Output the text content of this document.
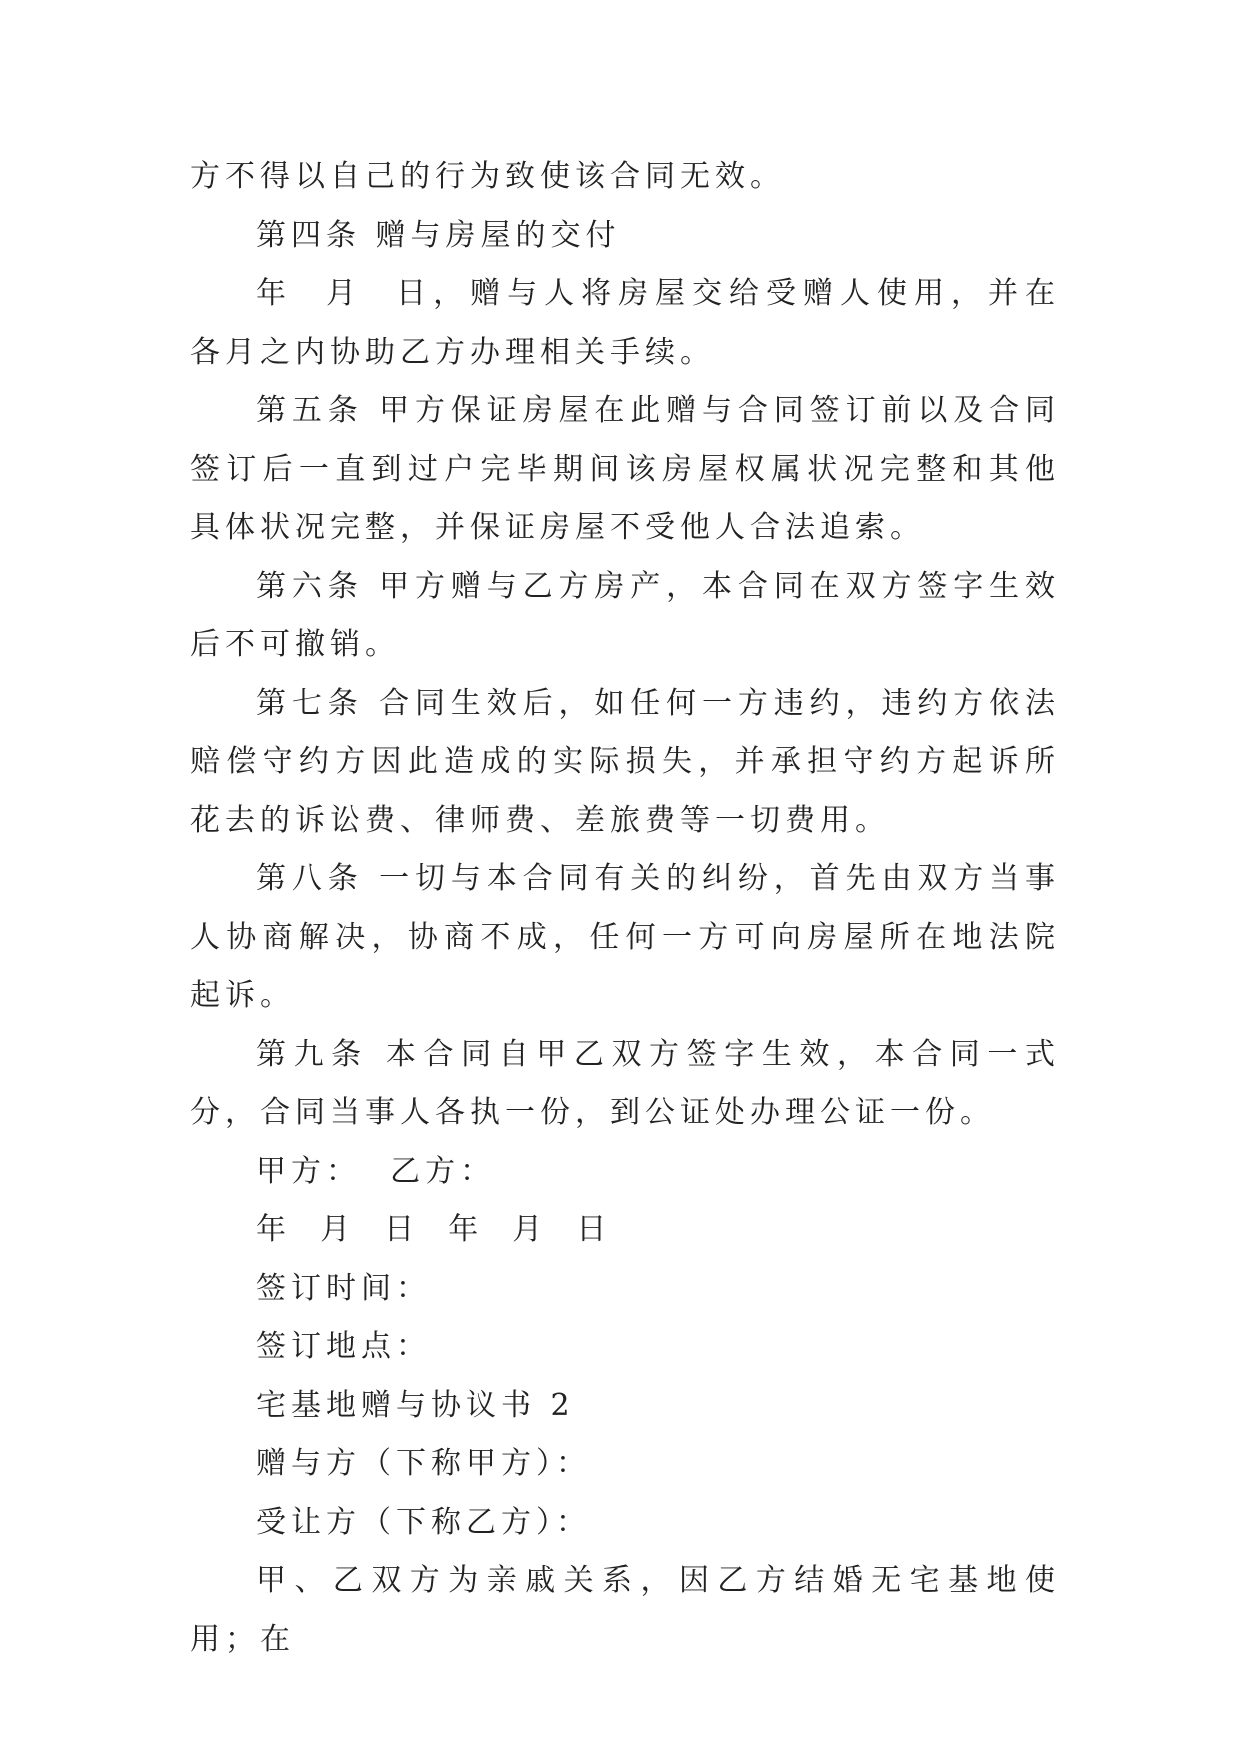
方不得以自己的行为致使该合同无效。

第四条 赠与房屋的交付

年  月  日，赠与人将房屋交给受赠人使用，并在  各月之内协助乙方办理相关手续。

第五条 甲方保证房屋在此赠与合同签订前以及合同签订后一直到过户完毕期间该房屋权属状况完整和其他具体状况完整，并保证房屋不受他人合法追索。

第六条 甲方赠与乙方房产，本合同在双方签字生效后不可撤销。

第七条 合同生效后，如任何一方违约，违约方依法赔偿守约方因此造成的实际损失，并承担守约方起诉所花去的诉讼费、律师费、差旅费等一切费用。

第八条 一切与本合同有关的纠纷，首先由双方当事人协商解决，协商不成，任何一方可向房屋所在地法院起诉。

第九条 本合同自甲乙双方签字生效，本合同一式 分，合同当事人各执一份，到公证处办理公证一份。

甲方：  乙方：

年  月  日  年  月  日

签订时间：

签订地点：

宅基地赠与协议书 2

赠与方（下称甲方）：

受让方（下称乙方）：

甲、乙双方为亲戚关系，因乙方结婚无宅基地使用；在
